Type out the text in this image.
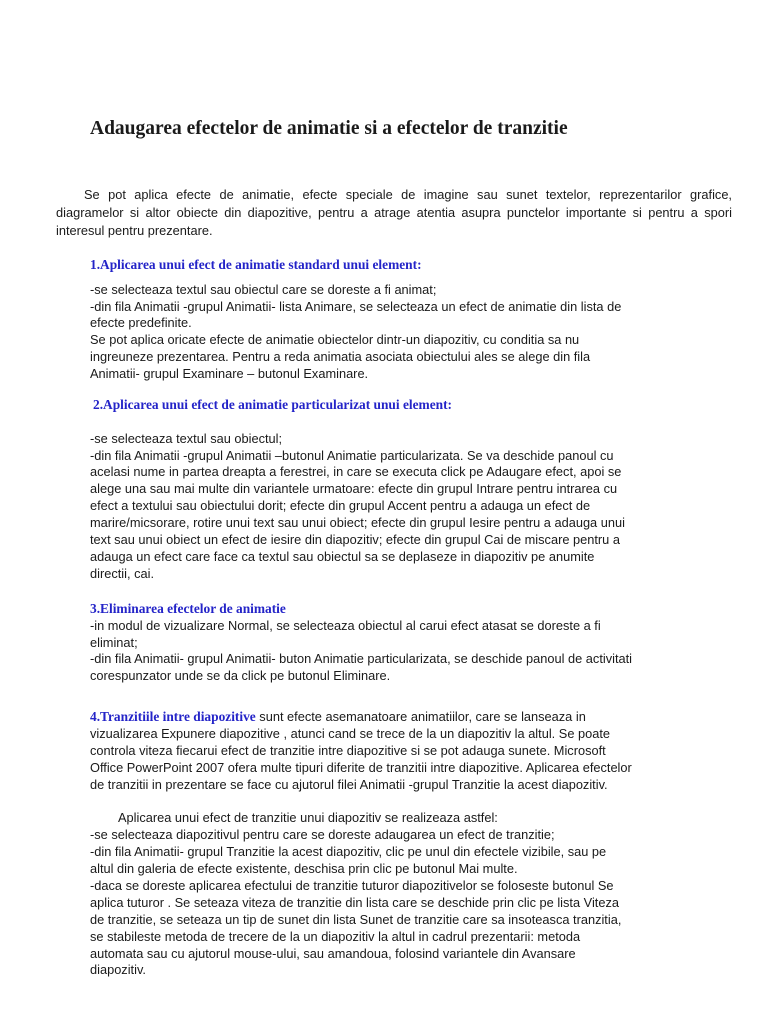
Adaugarea efectelor de animatie si a efectelor de tranzitie

Se pot aplica efecte de animatie, efecte speciale de imagine sau sunet textelor, reprezentarilor grafice, diagramelor si altor obiecte din diapozitive, pentru a atrage atentia asupra punctelor importante si pentru a spori interesul pentru prezentare.

1.Aplicarea unui efect de animatie standard unui element:

-se selecteaza textul sau obiectul care se doreste a fi animat;
-din fila Animatii -grupul Animatii- lista Animare, se selecteaza un efect de animatie din lista de
efecte predefinite.
Se pot aplica oricate efecte de animatie obiectelor dintr-un diapozitiv, cu conditia sa nu
ingreuneze prezentarea. Pentru a reda animatia asociata obiectului ales se alege din fila
Animatii- grupul Examinare – butonul Examinare.

2.Aplicarea unui efect de animatie particularizat unui element:

-se selecteaza textul sau obiectul;
-din fila Animatii -grupul Animatii –butonul Animatie particularizata. Se va deschide panoul cu
acelasi nume in partea dreapta a ferestrei, in care se executa click pe Adaugare efect, apoi se
alege una sau mai multe din variantele urmatoare: efecte din grupul Intrare pentru intrarea cu
efect a textului sau obiectului dorit; efecte din grupul Accent pentru a adauga un efect de
marire/micsorare, rotire unui text sau unui obiect; efecte din grupul Iesire pentru a adauga unui
text sau unui obiect un efect de iesire din diapozitiv; efecte din grupul Cai de miscare pentru a
adauga un efect care face ca textul sau obiectul sa se deplaseze in diapozitiv pe anumite
directii, cai.

3.Eliminarea efectelor de animatie

-in modul de vizualizare Normal, se selecteaza obiectul al carui efect atasat se doreste a fi
eliminat;
-din fila Animatii- grupul Animatii- buton Animatie particularizata, se deschide panoul de activitati
corespunzator unde se da click pe butonul Eliminare.

4.Tranzitiile intre diapozitive sunt efecte asemanatoare animatiilor, care se lanseaza in
vizualizarea Expunere diapozitive , atunci cand se trece de la un diapozitiv la altul. Se poate
controla viteza fiecarui efect de tranzitie intre diapozitive si se pot adauga sunete. Microsoft
Office PowerPoint 2007 ofera multe tipuri diferite de tranzitii intre diapozitive. Aplicarea efectelor
de tranzitii in prezentare se face cu ajutorul filei Animatii -grupul Tranzitie la acest diapozitiv.

Aplicarea unui efect de tranzitie unui diapozitiv se realizeaza astfel:
-se selecteaza diapozitivul pentru care se doreste adaugarea un efect de tranzitie;
-din fila Animatii- grupul Tranzitie la acest diapozitiv, clic pe unul din efectele vizibile, sau pe
altul din galeria de efecte existente, deschisa prin clic pe butonul Mai multe.
-daca se doreste aplicarea efectului de tranzitie tuturor diapozitivelor se foloseste butonul Se
aplica tuturor . Se seteaza viteza de tranzitie din lista care se deschide prin clic pe lista Viteza
de tranzitie, se seteaza un tip de sunet din lista Sunet de tranzitie care sa insoteasca tranzitia,
se stabileste metoda de trecere de la un diapozitiv la altul in cadrul prezentarii: metoda
automata sau cu ajutorul mouse-ului, sau amandoua, folosind variantele din Avansare
diapozitiv.
